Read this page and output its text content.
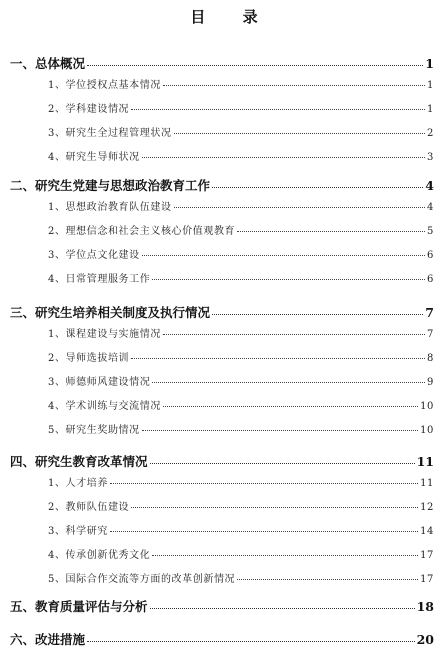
目 录
一、总体概况	1
1、学位授权点基本情况	1
2、学科建设情况	1
3、研究生全过程管理状况	2
4、研究生导师状况	3
二、研究生党建与思想政治教育工作	4
1、思想政治教育队伍建设	4
2、理想信念和社会主义核心价值观教育	5
3、学位点文化建设	6
4、日常管理服务工作	6
三、研究生培养相关制度及执行情况	7
1、课程建设与实施情况	7
2、导师选拔培训	8
3、师德师风建设情况	9
4、学术训练与交流情况	10
5、研究生奖助情况	10
四、研究生教育改革情况	11
1、人才培养	11
2、教师队伍建设	12
3、科学研究	14
4、传承创新优秀文化	17
5、国际合作交流等方面的改革创新情况	17
五、教育质量评估与分析	18
六、改进措施	20
